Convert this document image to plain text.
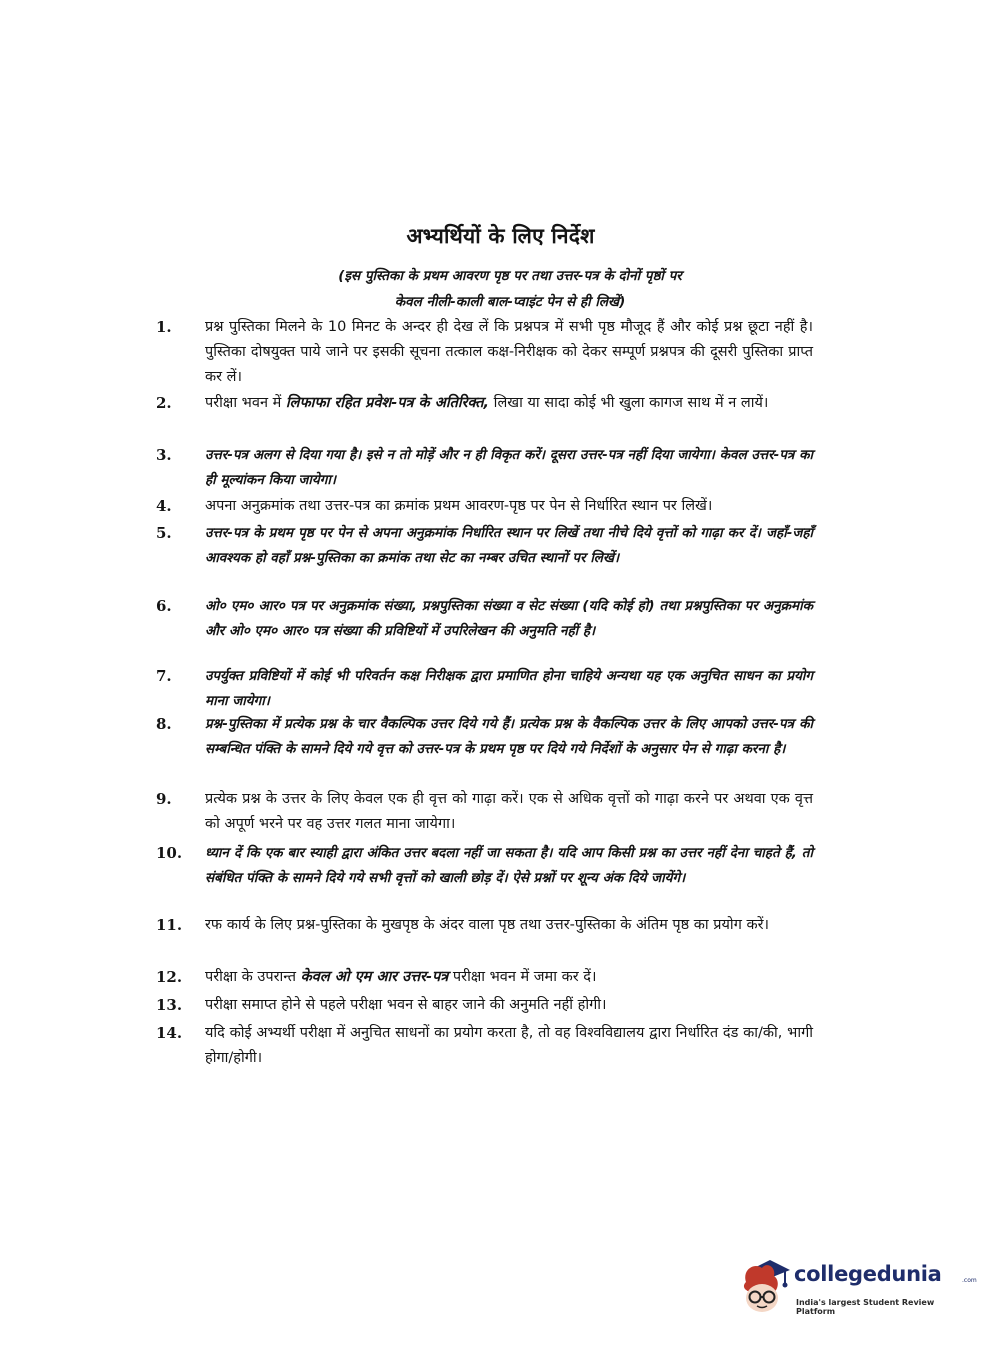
अभ्यर्थियों के लिए निर्देश
(इस पुस्तिका के प्रथम आवरण पृष्ठ पर तथा उत्तर-पत्र के दोनों पृष्ठों पर
केवल नीली-काली बाल-प्वाइंट पेन से ही लिखें)
1. प्रश्न पुस्तिका मिलने के 10 मिनट के अन्दर ही देख लें कि प्रश्नपत्र में सभी पृष्ठ मौजूद हैं और कोई प्रश्न छूटा नहीं है। पुस्तिका दोषयुक्त पाये जाने पर इसकी सूचना तत्काल कक्ष-निरीक्षक को देकर सम्पूर्ण प्रश्नपत्र की दूसरी पुस्तिका प्राप्त कर लें।
2. परीक्षा भवन में लिफाफा रहित प्रवेश-पत्र के अतिरिक्त, लिखा या सादा कोई भी खुला कागज साथ में न लायें।
3. उत्तर-पत्र अलग से दिया गया है। इसे न तो मोड़ें और न ही विकृत करें। दूसरा उत्तर-पत्र नहीं दिया जायेगा। केवल उत्तर-पत्र का ही मूल्यांकन किया जायेगा।
4. अपना अनुक्रमांक तथा उत्तर-पत्र का क्रमांक प्रथम आवरण-पृष्ठ पर पेन से निर्धारित स्थान पर लिखें।
5. उत्तर-पत्र के प्रथम पृष्ठ पर पेन से अपना अनुक्रमांक निर्धारित स्थान पर लिखें तथा नीचे दिये वृत्तों को गाढ़ा कर दें। जहाँ-जहाँ आवश्यक हो वहाँ प्रश्न-पुस्तिका का क्रमांक तथा सेट का नम्बर उचित स्थानों पर लिखें।
6. ओ० एम० आर० पत्र पर अनुक्रमांक संख्या, प्रश्नपुस्तिका संख्या व सेट संख्या (यदि कोई हो) तथा प्रश्नपुस्तिका पर अनुक्रमांक और ओ० एम० आर० पत्र संख्या की प्रविष्टियों में उपरिलेखन की अनुमति नहीं है।
7. उपर्युक्त प्रविष्टियों में कोई भी परिवर्तन कक्ष निरीक्षक द्वारा प्रमाणित होना चाहिये अन्यथा यह एक अनुचित साधन का प्रयोग माना जायेगा।
8. प्रश्न-पुस्तिका में प्रत्येक प्रश्न के चार वैकल्पिक उत्तर दिये गये हैं। प्रत्येक प्रश्न के वैकल्पिक उत्तर के लिए आपको उत्तर-पत्र की सम्बन्धित पंक्ति के सामने दिये गये वृत्त को उत्तर-पत्र के प्रथम पृष्ठ पर दिये गये निर्देशों के अनुसार पेन से गाढ़ा करना है।
9. प्रत्येक प्रश्न के उत्तर के लिए केवल एक ही वृत्त को गाढ़ा करें। एक से अधिक वृत्तों को गाढ़ा करने पर अथवा एक वृत्त को अपूर्ण भरने पर वह उत्तर गलत माना जायेगा।
10. ध्यान दें कि एक बार स्याही द्वारा अंकित उत्तर बदला नहीं जा सकता है। यदि आप किसी प्रश्न का उत्तर नहीं देना चाहते हैं, तो संबंधित पंक्ति के सामने दिये गये सभी वृत्तों को खाली छोड़ दें। ऐसे प्रश्नों पर शून्य अंक दिये जायेंगे।
11. रफ कार्य के लिए प्रश्न-पुस्तिका के मुखपृष्ठ के अंदर वाला पृष्ठ तथा उत्तर-पुस्तिका के अंतिम पृष्ठ का प्रयोग करें।
12. परीक्षा के उपरान्त केवल ओ एम आर उत्तर-पत्र परीक्षा भवन में जमा कर दें।
13. परीक्षा समाप्त होने से पहले परीक्षा भवन से बाहर जाने की अनुमति नहीं होगी।
14. यदि कोई अभ्यर्थी परीक्षा में अनुचित साधनों का प्रयोग करता है, तो वह विश्वविद्यालय द्वारा निर्धारित दंड का/की, भागी होगा/होगी।
collegedunia	.com
India's largest Student Review Platform
